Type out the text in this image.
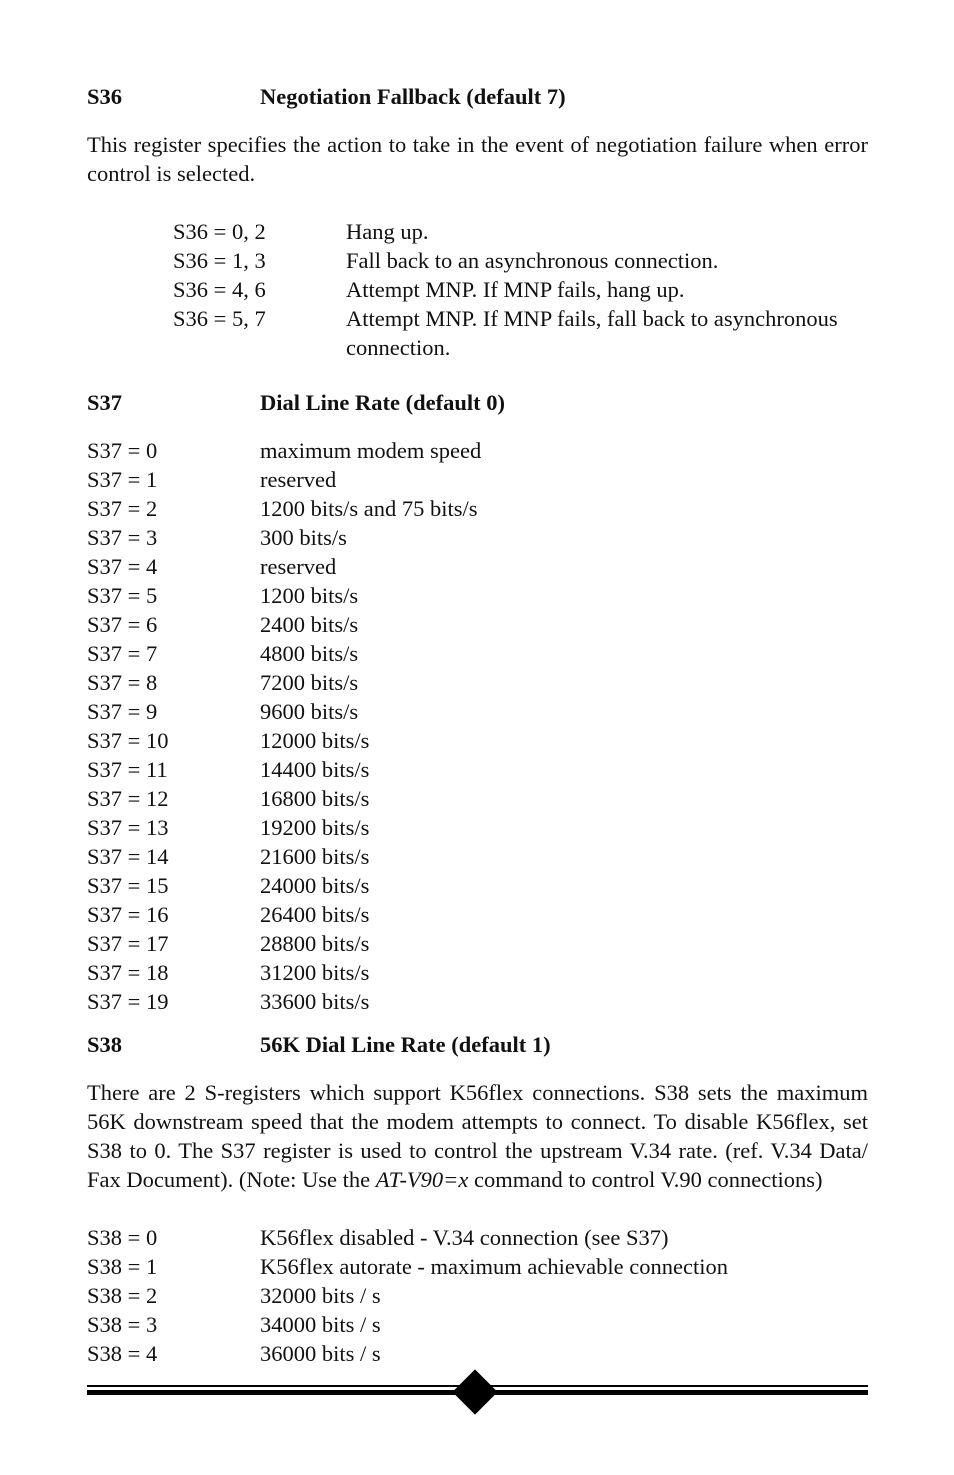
S36	Negotiation Fallback (default 7)
This register specifies the action to take in the event of negotiation failure when error control is selected.
S36 = 0, 2	Hang up.
S36 = 1, 3	Fall back to an asynchronous connection.
S36 = 4, 6	Attempt MNP. If MNP fails, hang up.
S36 = 5, 7	Attempt MNP. If MNP fails, fall back to asynchronous
connection.
S37	Dial Line Rate (default 0)
S37 = 0	maximum modem speed
S37 = 1	reserved
S37 = 2	1200 bits/s and 75 bits/s
S37 = 3	300 bits/s
S37 = 4	reserved
S37 = 5	1200 bits/s
S37 = 6	2400 bits/s
S37 = 7	4800 bits/s
S37 = 8	7200 bits/s
S37 = 9	9600 bits/s
S37 = 10	12000 bits/s
S37 = 11	14400 bits/s
S37 = 12	16800 bits/s
S37 = 13	19200 bits/s
S37 = 14	21600 bits/s
S37 = 15	24000 bits/s
S37 = 16	26400 bits/s
S37 = 17	28800 bits/s
S37 = 18	31200 bits/s
S37 = 19	33600 bits/s
S38	56K Dial Line Rate (default 1)
There are 2 S-registers which support K56flex connections. S38 sets the maximum 56K downstream speed that the modem attempts to connect. To disable K56flex, set S38 to 0. The S37 register is used to control the upstream V.34 rate. (ref. V.34 Data/ Fax Document). (Note: Use the AT-V90=x command to control V.90 connections)
S38 = 0	K56flex disabled - V.34 connection (see S37)
S38 = 1	K56flex autorate - maximum achievable connection
S38 = 2	32000 bits / s
S38 = 3	34000 bits / s
S38 = 4	36000 bits / s
